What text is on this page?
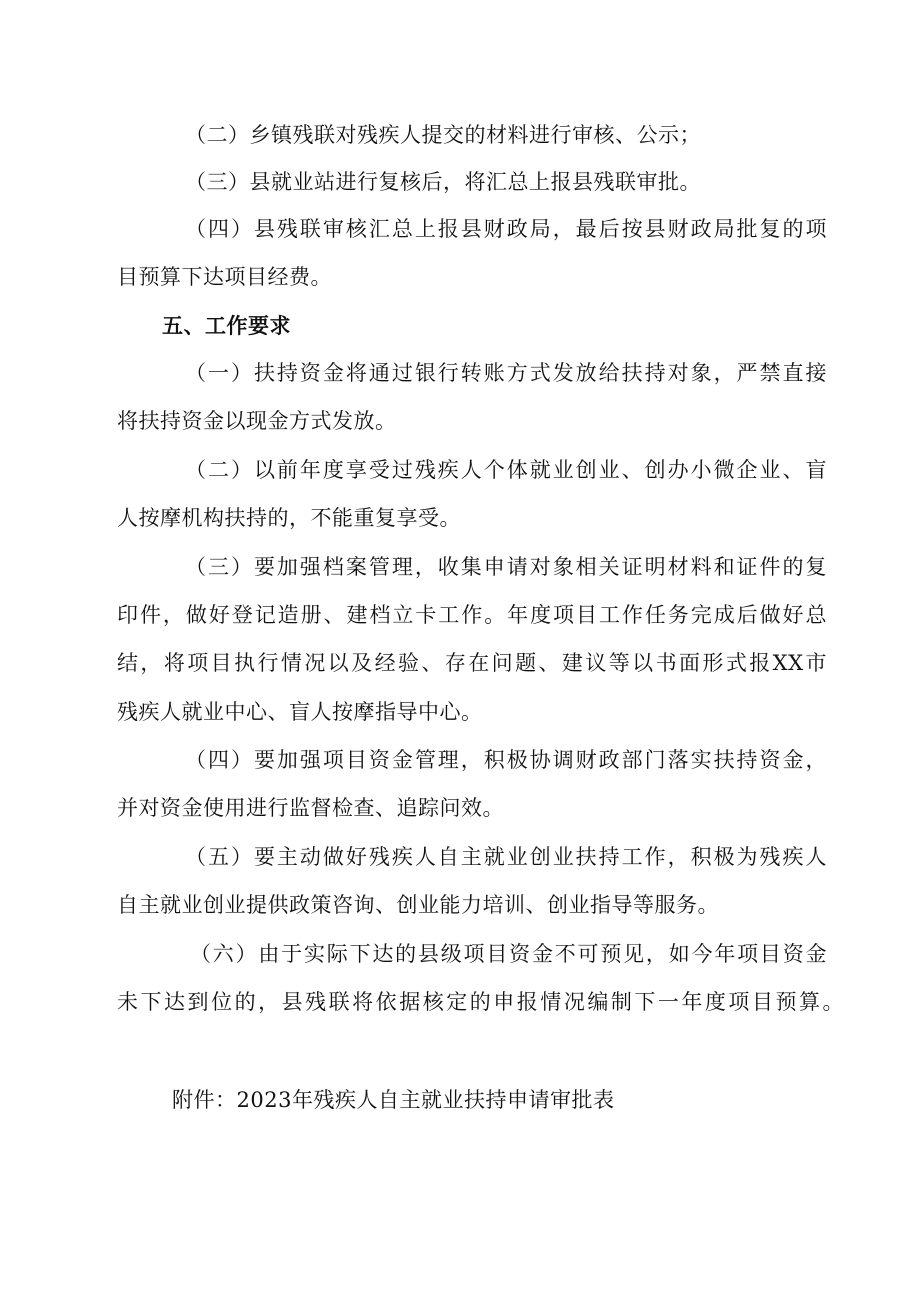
（二）乡镇残联对残疾人提交的材料进行审核、公示；
（三）县就业站进行复核后，将汇总上报县残联审批。
（四）县残联审核汇总上报县财政局，最后按县财政局批复的项
目预算下达项目经费。
五、工作要求
（一）扶持资金将通过银行转账方式发放给扶持对象，严禁直接
将扶持资金以现金方式发放。
（二）以前年度享受过残疾人个体就业创业、创办小微企业、盲
人按摩机构扶持的，不能重复享受。
（三）要加强档案管理，收集申请对象相关证明材料和证件的复
印件，做好登记造册、建档立卡工作。年度项目工作任务完成后做好总
结，将项目执行情况以及经验、存在问题、建议等以书面形式报XX市
残疾人就业中心、盲人按摩指导中心。
（四）要加强项目资金管理，积极协调财政部门落实扶持资金，
并对资金使用进行监督检查、追踪问效。
（五）要主动做好残疾人自主就业创业扶持工作，积极为残疾人
自主就业创业提供政策咨询、创业能力培训、创业指导等服务。
（六）由于实际下达的县级项目资金不可预见，如今年项目资金
未下达到位的，县残联将依据核定的申报情况编制下一年度项目预算。
附件：2023年残疾人自主就业扶持申请审批表
